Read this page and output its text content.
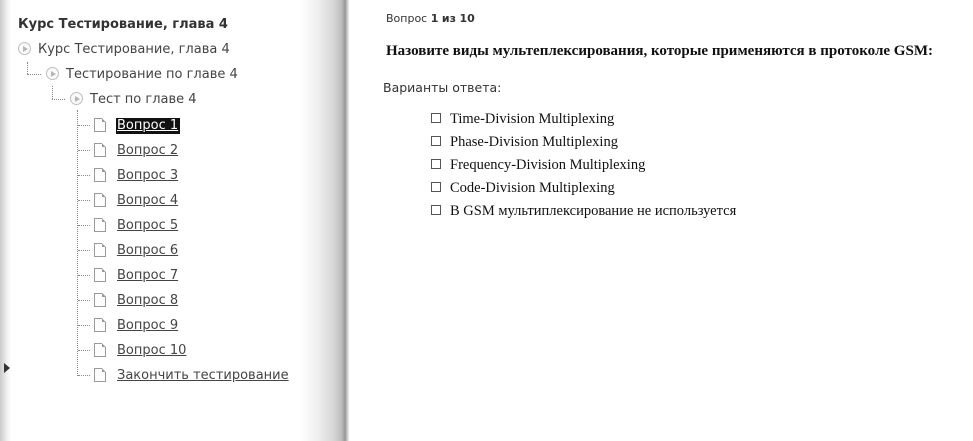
Курс Тестирование, глава 4
Курс Тестирование, глава 4
Тестирование по главе 4
Тест по главе 4
Вопрос 1
Вопрос 2
Вопрос 3
Вопрос 4
Вопрос 5
Вопрос 6
Вопрос 7
Вопрос 8
Вопрос 9
Вопрос 10
Закончить тестирование
Вопрос 1 из 10
Назовите виды мультеплексирования, которые применяются в протоколе GSM:
Варианты ответа:
Time-Division Multiplexing
Phase-Division Multiplexing
Frequency-Division Multiplexing
Code-Division Multiplexing
В GSM мультиплексирование не используется
